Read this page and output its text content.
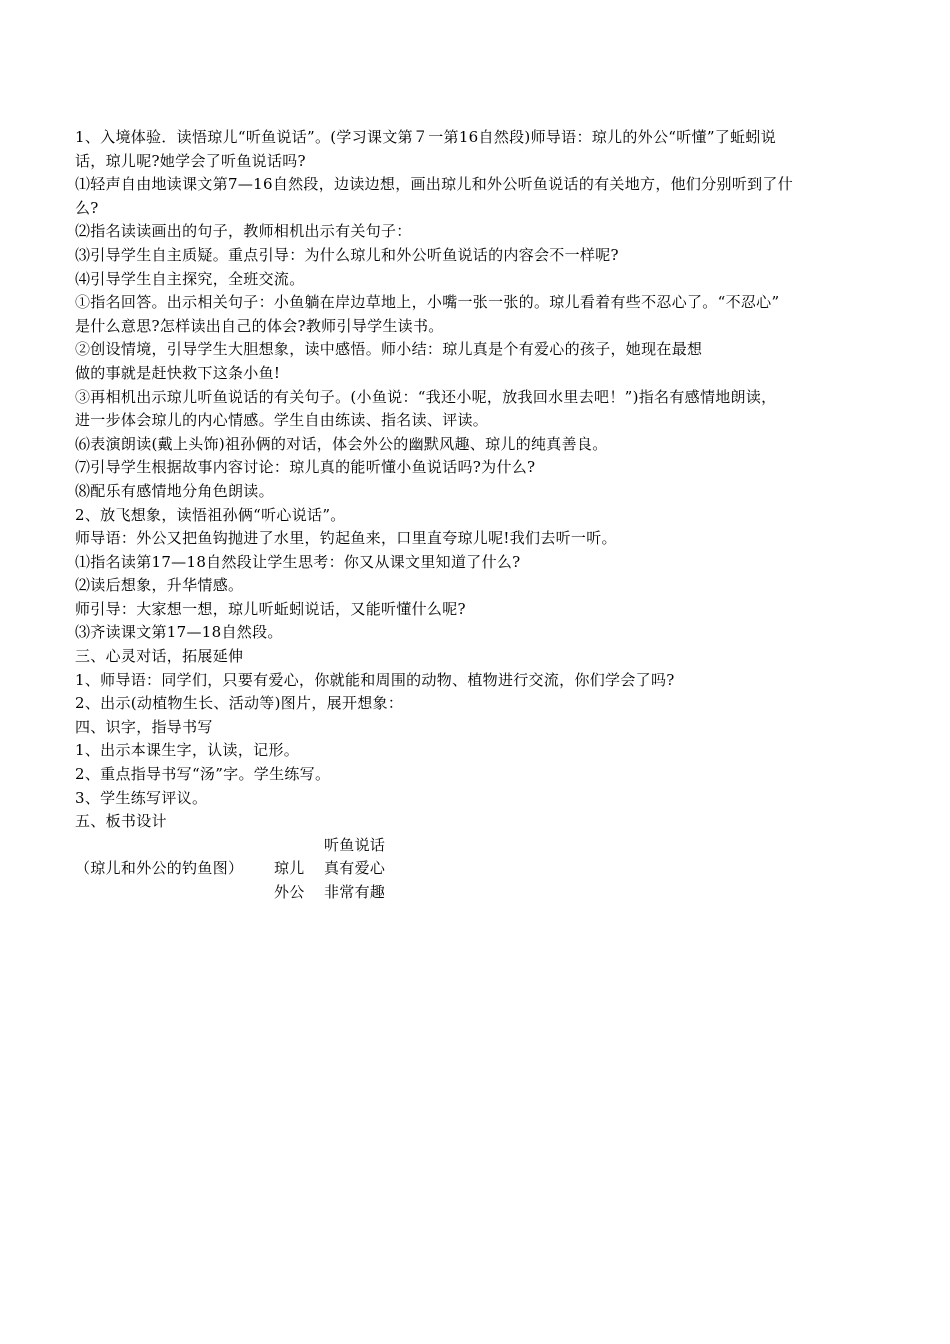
1、入境体验．读悟琼儿“听鱼说话”。(学习课文第７一第16自然段)师导语：琼儿的外公“听懂”了蚯蚓说
话，琼儿呢?她学会了听鱼说话吗?
⑴轻声自由地读课文第7—16自然段，边读边想，画出琼儿和外公听鱼说话的有关地方，他们分别听到了什
么?
⑵指名读读画出的句子，教师相机出示有关句子：
⑶引导学生自主质疑。重点引导：为什么琼儿和外公听鱼说话的内容会不一样呢?
⑷引导学生自主探究，全班交流。
①指名回答。出示相关句子：小鱼躺在岸边草地上，小嘴一张一张的。琼儿看着有些不忍心了。“不忍心”
是什么意思?怎样读出自己的体会?教师引导学生读书。
②创设情境，引导学生大胆想象，读中感悟。师小结：琼儿真是个有爱心的孩子，她现在最想
做的事就是赶快救下这条小鱼!
③再相机出示琼儿听鱼说话的有关句子。(小鱼说：“我还小呢，放我回水里去吧！”)指名有感情地朗读，
进一步体会琼儿的内心情感。学生自由练读、指名读、评读。
⑹表演朗读(戴上头饰)祖孙俩的对话，体会外公的幽默风趣、琼儿的纯真善良。
⑺引导学生根据故事内容讨论：琼儿真的能听懂小鱼说话吗?为什么?
⑻配乐有感情地分角色朗读。
2、放飞想象，读悟祖孙俩“听心说话”。
师导语：外公又把鱼钩抛进了水里，钓起鱼来，口里直夸琼儿呢!我们去听一听。
⑴指名读第17—18自然段让学生思考：你又从课文里知道了什么?
⑵读后想象，升华情感。
师引导：大家想一想，琼儿听蚯蚓说话，又能听懂什么呢?
⑶齐读课文第17—18自然段。
三、心灵对话，拓展延伸
1、师导语：同学们，只要有爱心，你就能和周围的动物、植物进行交流，你们学会了吗?
2、出示(动植物生长、活动等)图片，展开想象：
四、识字，指导书写
1、出示本课生字，认读，记形。
2、重点指导书写“汤”字。学生练写。
3、学生练写评议。
五、板书设计
听鱼说话
（琼儿和外公的钓鱼图） 琼儿 真有爱心
外公 非常有趣
